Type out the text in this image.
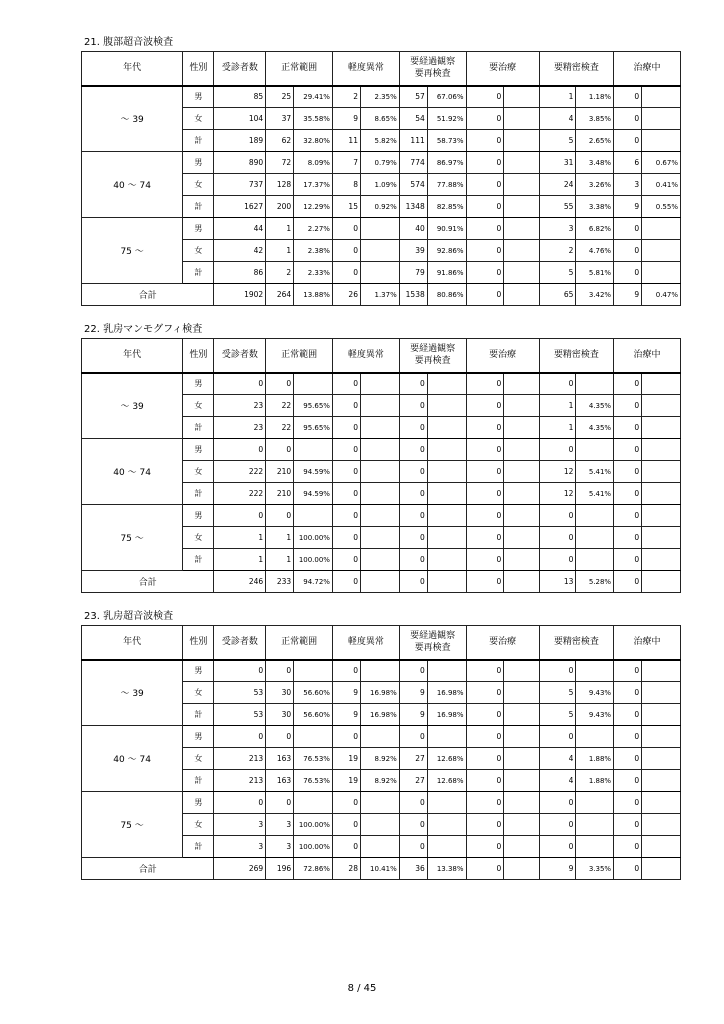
21. 腹部超音波検査
年代	性別	受診者数	正常範囲		軽度異常		要経過観察
要再検査		要治療		要精密検査		治療中	
～ 39	男	85	25	29.41%	2	2.35%	57	67.06%	0		1	1.18%	0	
	女	104	37	35.58%	9	8.65%	54	51.92%	0		4	3.85%	0	
	計	189	62	32.80%	11	5.82%	111	58.73%	0		5	2.65%	0	
40 ～ 74	男	890	72	8.09%	7	0.79%	774	86.97%	0		31	3.48%	6	0.67%
	女	737	128	17.37%	8	1.09%	574	77.88%	0		24	3.26%	3	0.41%
	計	1627	200	12.29%	15	0.92%	1348	82.85%	0		55	3.38%	9	0.55%
75 ～	男	44	1	2.27%	0		40	90.91%	0		3	6.82%	0	
	女	42	1	2.38%	0		39	92.86%	0		2	4.76%	0	
	計	86	2	2.33%	0		79	91.86%	0		5	5.81%	0	
合計		1902	264	13.88%	26	1.37%	1538	80.86%	0		65	3.42%	9	0.47%
22. 乳房マンモグフィ検査
年代	性別	受診者数	正常範囲		軽度異常		要経過観察
要再検査		要治療		要精密検査		治療中	
～ 39	男	0	0		0		0		0		0		0	
	女	23	22	95.65%	0		0		0		1	4.35%	0	
	計	23	22	95.65%	0		0		0		1	4.35%	0	
40 ～ 74	男	0	0		0		0		0		0		0	
	女	222	210	94.59%	0		0		0		12	5.41%	0	
	計	222	210	94.59%	0		0		0		12	5.41%	0	
75 ～	男	0	0		0		0		0		0		0	
	女	1	1	100.00%	0		0		0		0		0	
	計	1	1	100.00%	0		0		0		0		0	
合計		246	233	94.72%	0		0		0		13	5.28%	0	
23. 乳房超音波検査
年代	性別	受診者数	正常範囲		軽度異常		要経過観察
要再検査		要治療		要精密検査		治療中	
～ 39	男	0	0		0		0		0		0		0	
	女	53	30	56.60%	9	16.98%	9	16.98%	0		5	9.43%	0	
	計	53	30	56.60%	9	16.98%	9	16.98%	0		5	9.43%	0	
40 ～ 74	男	0	0		0		0		0		0		0	
	女	213	163	76.53%	19	8.92%	27	12.68%	0		4	1.88%	0	
	計	213	163	76.53%	19	8.92%	27	12.68%	0		4	1.88%	0	
75 ～	男	0	0		0		0		0		0		0	
	女	3	3	100.00%	0		0		0		0		0	
	計	3	3	100.00%	0		0		0		0		0	
合計		269	196	72.86%	28	10.41%	36	13.38%	0		9	3.35%	0	
8 / 45
